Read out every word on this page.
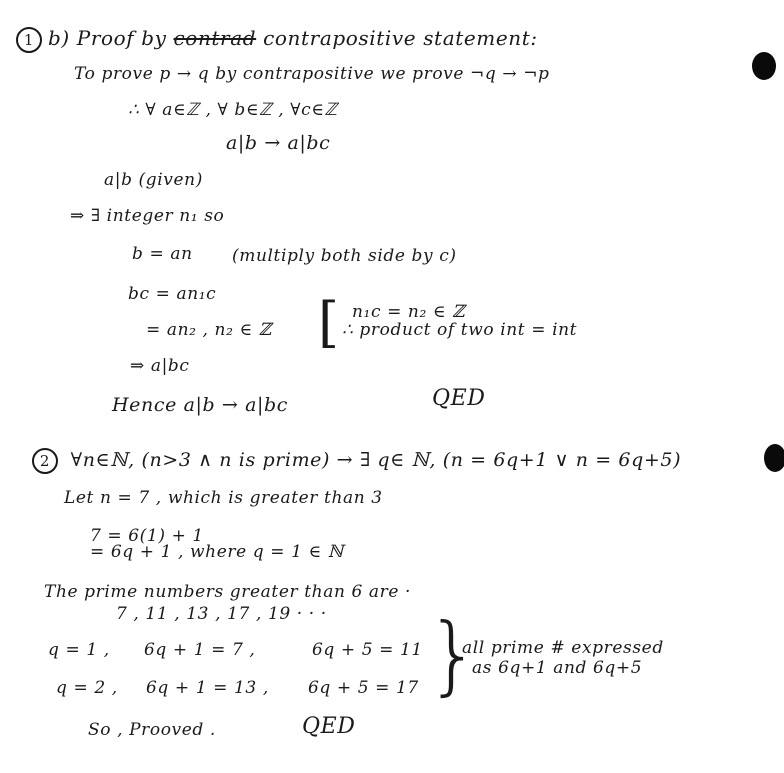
1 b) Proof by contrad contrapositive statement:
To prove p → q by contrapositive we prove ¬q → ¬p
∴ ∀ a∈ℤ , ∀ b∈ℤ , ∀c∈ℤ
a|b → a|bc
a|b (given)
⇒ ∃ integer n₁ so
b = an (multiply both side by c)
bc = an₁c
= an₂ , n₂ ∈ ℤ [ n₁c = n₂ ∈ ℤ
∴ product of two int = int
⇒ a|bc
Hence a|b → a|bc	QED
2 ∀n∈ℕ, (n>3 ∧ n is prime) → ∃ q∈ ℕ, (n = 6q+1 ∨ n = 6q+5)
Let n = 7 , which is greater than 3
7 = 6(1) + 1
= 6q + 1 , where q = 1 ∈ ℕ
The prime numbers greater than 6 are ·
7 , 11 , 13 , 17 , 19 · · ·
q = 1 , 6q + 1 = 7 ,	6q + 5 = 11
q = 2 , 6q + 1 = 13 , 6q + 5 = 17 }
all prime # expressed
as 6q+1 and 6q+5
So , Prooved .	QED
